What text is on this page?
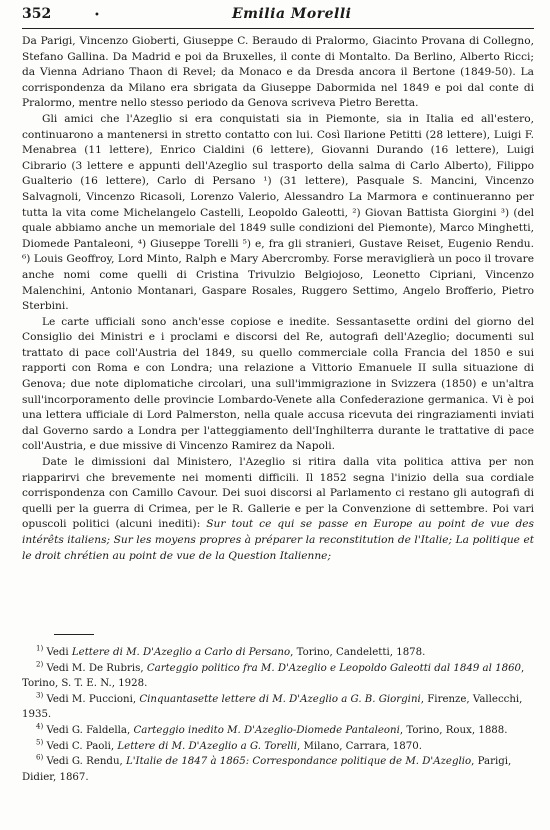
352	•	Emilia Morelli

Da Parigi, Vincenzo Gioberti, Giuseppe C. Beraudo di Pralormo, Giacinto Provana di Collegno, Stefano Gallina. Da Madrid e poi da Bruxelles, il conte di Montalto. Da Berlino, Alberto Ricci; da Vienna Adriano Thaon di Revel; da Monaco e da Dresda ancora il Bertone (1849-50). La corrispondenza da Milano era sbrigata da Giuseppe Dabormida nel 1849 e poi dal conte di Pralormo, mentre nello stesso periodo da Genova scriveva Pietro Beretta.

Gli amici che l'Azeglio si era conquistati sia in Piemonte, sia in Italia ed all'estero, continuarono a mantenersi in stretto contatto con lui. Così Ilarione Petitti (28 lettere), Luigi F. Menabrea (11 lettere), Enrico Cialdini (6 lettere), Giovanni Durando (16 lettere), Luigi Cibrario (3 lettere e appunti dell'Azeglio sul trasporto della salma di Carlo Alberto), Filippo Gualterio (16 lettere), Carlo di Persano ¹) (31 lettere), Pasquale S. Mancini, Vincenzo Salvagnoli, Vincenzo Ricasoli, Lorenzo Valerio, Alessandro La Marmora e continueranno per tutta la vita come Michelangelo Castelli, Leopoldo Galeotti, ²) Giovan Battista Giorgini ³) (del quale abbiamo anche un memoriale del 1849 sulle condizioni del Piemonte), Marco Minghetti, Diomede Pantaleoni, ⁴) Giuseppe Torelli ⁵) e, fra gli stranieri, Gustave Reiset, Eugenio Rendu. ⁶) Louis Geoffroy, Lord Minto, Ralph e Mary Abercromby. Forse meraviglierà un poco il trovare anche nomi come quelli di Cristina Trivulzio Belgiojoso, Leonetto Cipriani, Vincenzo Malenchini, Antonio Montanari, Gaspare Rosales, Ruggero Settimo, Angelo Brofferio, Pietro Sterbini.

Le carte ufficiali sono anch'esse copiose e inedite. Sessantasette ordini del giorno del Consiglio dei Ministri e i proclami e discorsi del Re, autografi dell'Azeglio; documenti sul trattato di pace coll'Austria del 1849, su quello commerciale colla Francia del 1850 e sui rapporti con Roma e con Londra; una relazione a Vittorio Emanuele II sulla situazione di Genova; due note diplomatiche circolari, una sull'immigrazione in Svizzera (1850) e un'altra sull'incorporamento delle provincie Lombardo-Venete alla Confederazione germanica. Vi è poi una lettera ufficiale di Lord Palmerston, nella quale accusa ricevuta dei ringraziamenti inviati dal Governo sardo a Londra per l'atteggiamento dell'Inghilterra durante le trattative di pace coll'Austria, e due missive di Vincenzo Ramirez da Napoli.

Date le dimissioni dal Ministero, l'Azeglio si ritira dalla vita politica attiva per non riapparirvi che brevemente nei momenti difficili. Il 1852 segna l'inizio della sua cordiale corrispondenza con Camillo Cavour. Dei suoi discorsi al Parlamento ci restano gli autografi di quelli per la guerra di Crimea, per le R. Gallerie e per la Convenzione di settembre. Poi vari opuscoli politici (alcuni inediti): Sur tout ce qui se passe en Europe au point de vue des intérêts italiens; Sur les moyens propres à préparer la reconstitution de l'Italie; La politique et le droit chrétien au point de vue de la Question Italienne;

$^{1)}$ Vedi Lettere di M. D'Azeglio a Carlo di Persano, Torino, Candeletti, 1878.

$^{2)}$ Vedi M. De Rubris, Carteggio politico fra M. D'Azeglio e Leopoldo Galeotti dal 1849 al 1860, Torino, S. T. E. N., 1928.

$^{3)}$ Vedi M. Puccioni, Cinquantasette lettere di M. D'Azeglio a G. B. Giorgini, Firenze, Vallecchi, 1935.

$^{4)}$ Vedi G. Faldella, Carteggio inedito M. D'Azeglio-Diomede Pantaleoni, Torino, Roux, 1888.

$^{5)}$ Vedi C. Paoli, Lettere di M. D'Azeglio a G. Torelli, Milano, Carrara, 1870.

$^{6)}$ Vedi G. Rendu, L'Italie de 1847 à 1865: Correspondance politique de M. D'Azeglio, Parigi, Didier, 1867.
